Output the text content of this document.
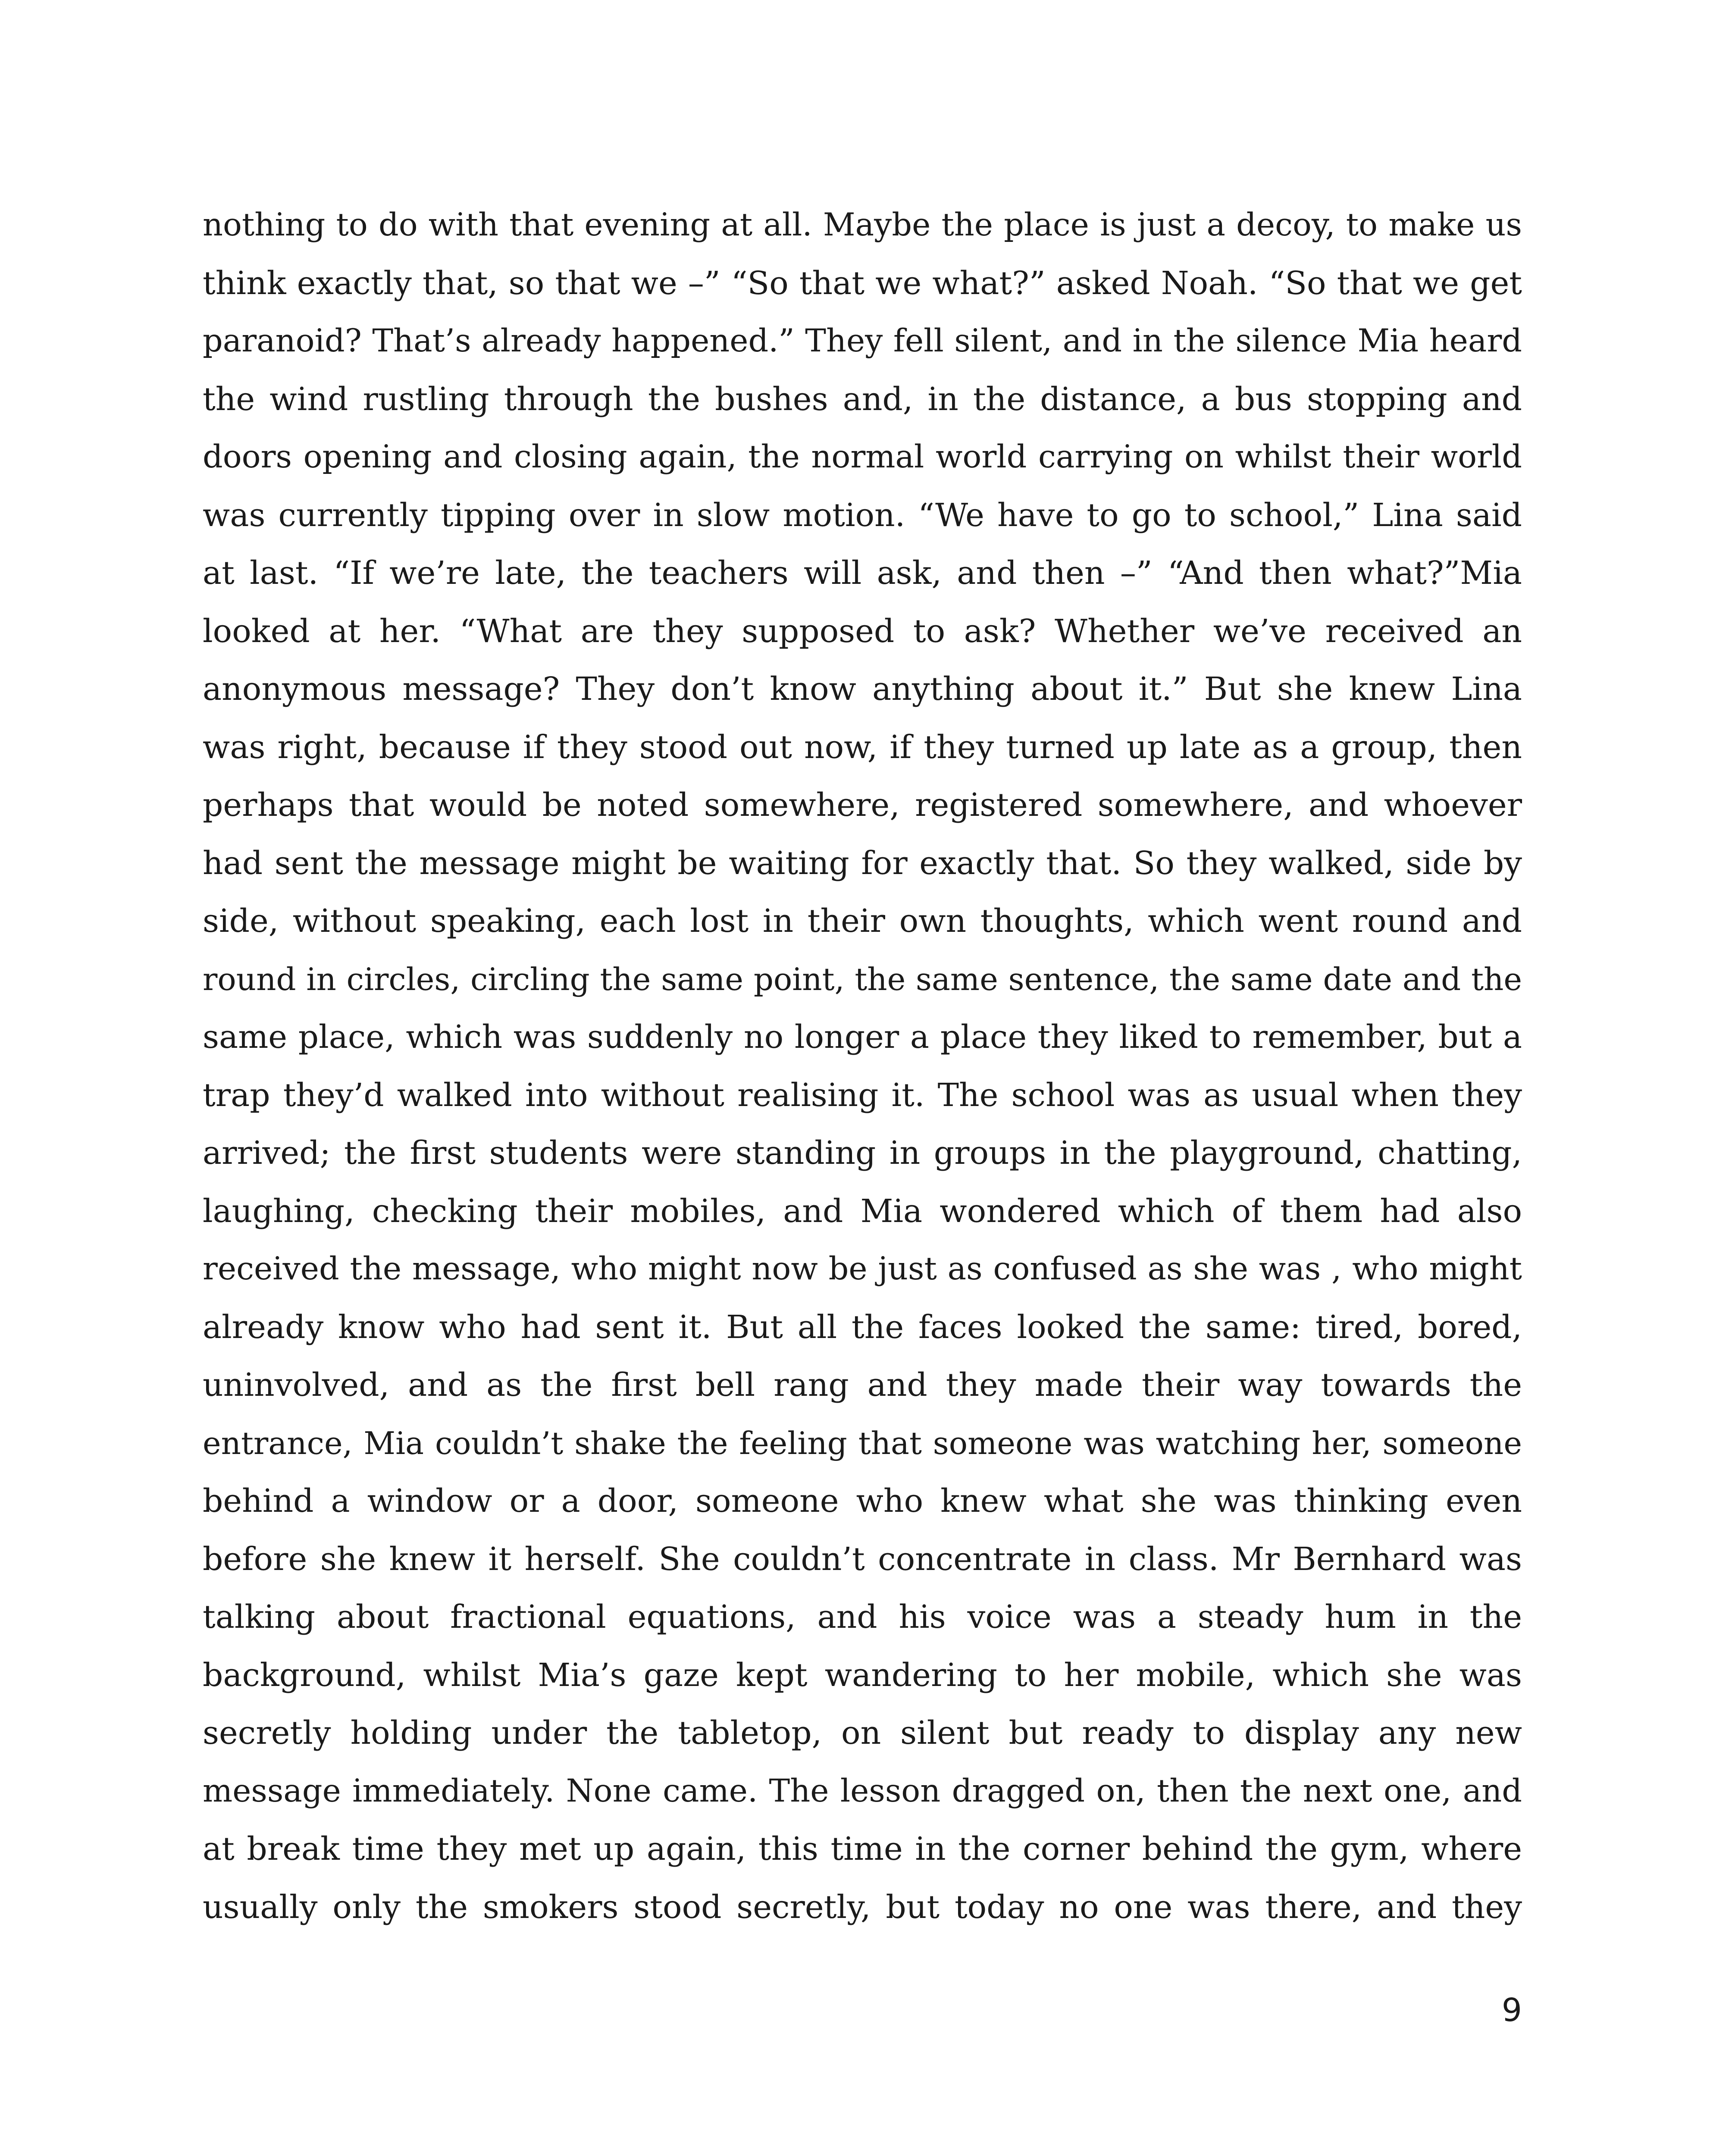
nothing to do with that evening at all. Maybe the place is just a decoy, to make us
think exactly that, so that we –” “So that we what?” asked Noah. “So that we get
paranoid? That’s already happened.” They fell silent, and in the silence Mia heard
the wind rustling through the bushes and, in the distance, a bus stopping and
doors opening and closing again, the normal world carrying on whilst their world
was currently tipping over in slow motion. “We have to go to school,” Lina said
at last. “If we’re late, the teachers will ask, and then –” “And then what?”Mia
looked at her. “What are they supposed to ask? Whether we’ve received an
anonymous message? They don’t know anything about it.” But she knew Lina
was right, because if they stood out now, if they turned up late as a group, then
perhaps that would be noted somewhere, registered somewhere, and whoever
had sent the message might be waiting for exactly that. So they walked, side by
side, without speaking, each lost in their own thoughts, which went round and
round in circles, circling the same point, the same sentence, the same date and the
same place, which was suddenly no longer a place they liked to remember, but a
trap they’d walked into without realising it. The school was as usual when they
arrived; the first students were standing in groups in the playground, chatting,
laughing, checking their mobiles, and Mia wondered which of them had also
received the message, who might now be just as confused as she was , who might
already know who had sent it. But all the faces looked the same: tired, bored,
uninvolved, and as the first bell rang and they made their way towards the
entrance, Mia couldn’t shake the feeling that someone was watching her, someone
behind a window or a door, someone who knew what she was thinking even
before she knew it herself. She couldn’t concentrate in class. Mr Bernhard was
talking about fractional equations, and his voice was a steady hum in the
background, whilst Mia’s gaze kept wandering to her mobile, which she was
secretly holding under the tabletop, on silent but ready to display any new
message immediately. None came. The lesson dragged on, then the next one, and
at break time they met up again, this time in the corner behind the gym, where
usually only the smokers stood secretly, but today no one was there, and they
9
